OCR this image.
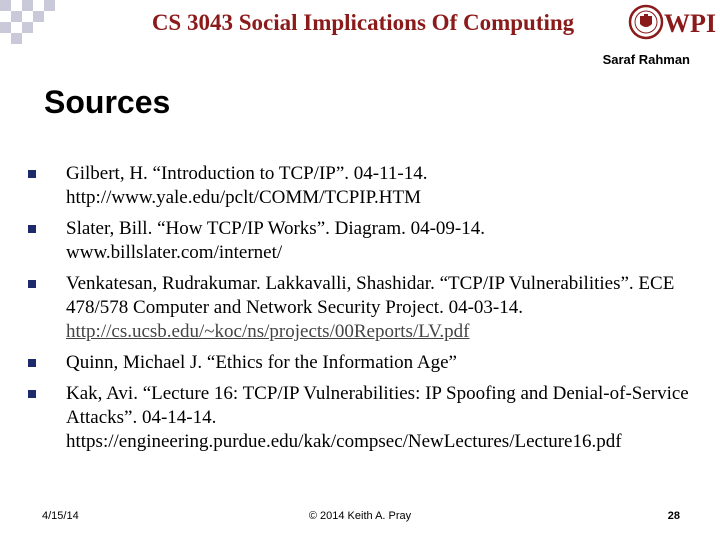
CS 3043 Social Implications Of Computing	WPI
Saraf Rahman
Sources
Gilbert, H. “Introduction to TCP/IP”. 04-11-14. http://www.yale.edu/pclt/COMM/TCPIP.HTM
Slater, Bill. “How TCP/IP Works”. Diagram. 04-09-14. www.billslater.com/internet/
Venkatesan, Rudrakumar. Lakkavalli, Shashidar. “TCP/IP Vulnerabilities”. ECE 478/578 Computer and Network Security Project. 04-03-14. http://cs.ucsb.edu/~koc/ns/projects/00Reports/LV.pdf
Quinn, Michael J. “Ethics for the Information Age”
Kak, Avi. “Lecture 16: TCP/IP Vulnerabilities: IP Spoofing and Denial-of-Service Attacks”. 04-14-14. https://engineering.purdue.edu/kak/compsec/NewLectures/Lecture16.pdf
4/15/14	© 2014 Keith A. Pray	28
